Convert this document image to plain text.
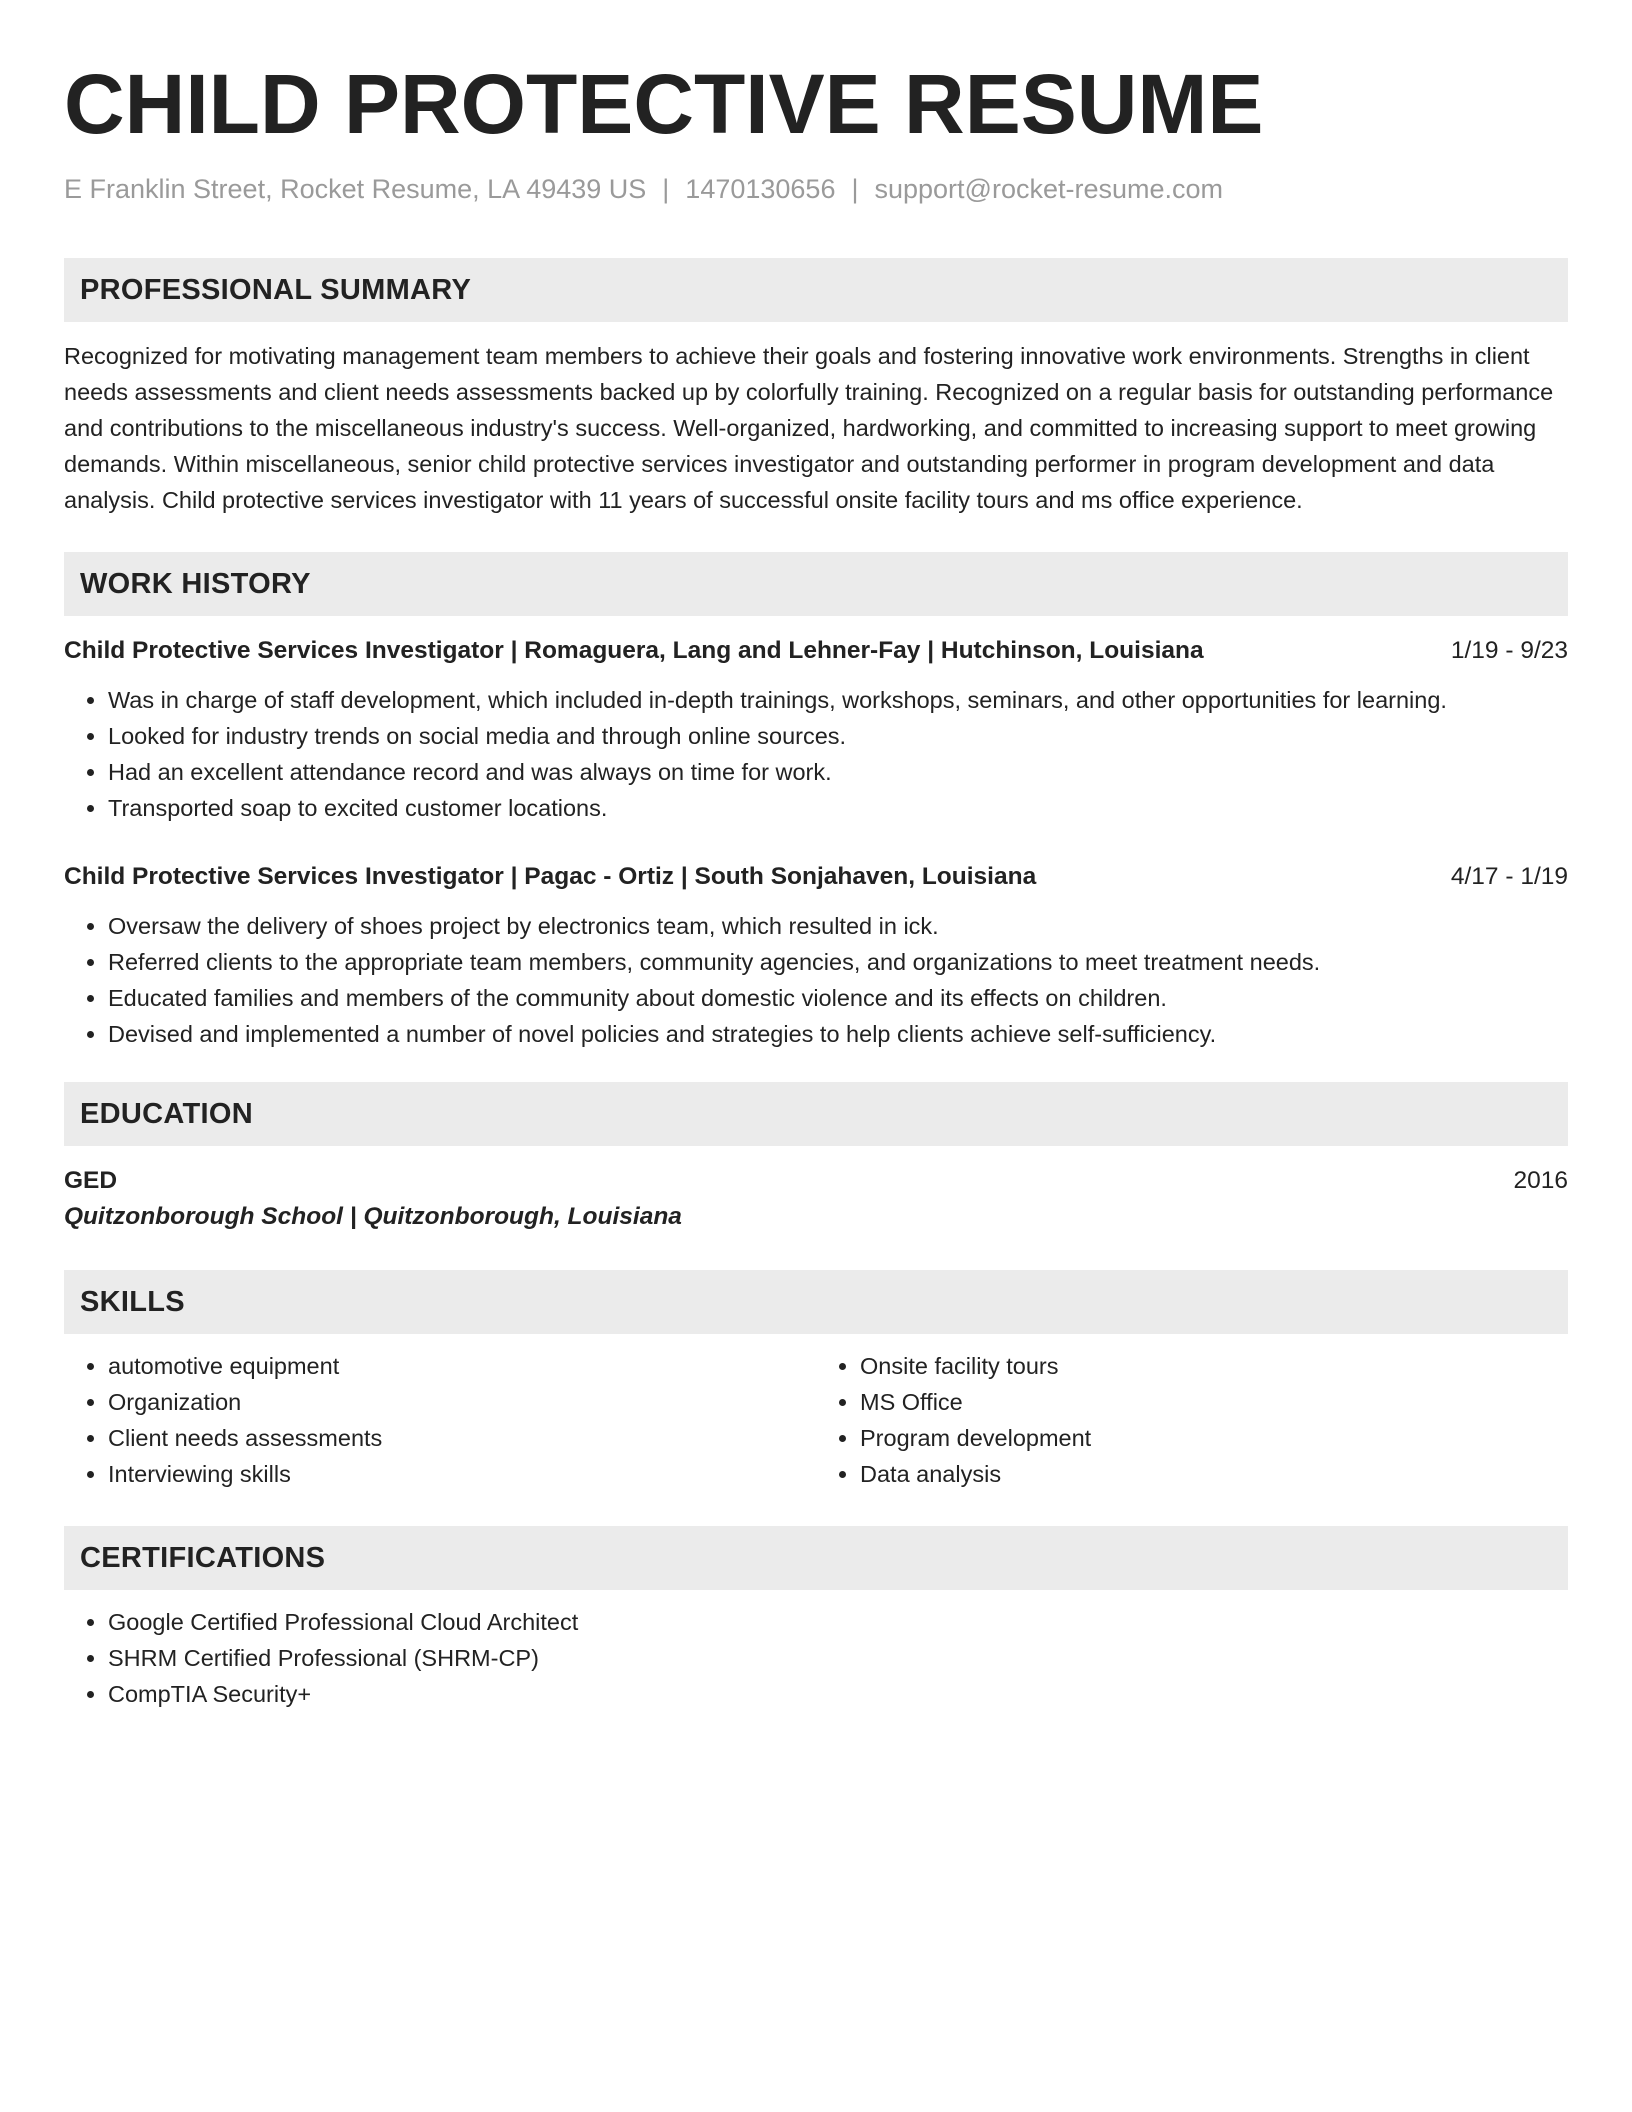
CHILD PROTECTIVE RESUME
E Franklin Street, Rocket Resume, LA 49439 US | 1470130656 | support@rocket-resume.com
PROFESSIONAL SUMMARY
Recognized for motivating management team members to achieve their goals and fostering innovative work environments. Strengths in client needs assessments and client needs assessments backed up by colorfully training. Recognized on a regular basis for outstanding performance and contributions to the miscellaneous industry's success. Well-organized, hardworking, and committed to increasing support to meet growing demands. Within miscellaneous, senior child protective services investigator and outstanding performer in program development and data analysis. Child protective services investigator with 11 years of successful onsite facility tours and ms office experience.
WORK HISTORY
Child Protective Services Investigator | Romaguera, Lang and Lehner-Fay | Hutchinson, Louisiana	1/19 - 9/23
• Was in charge of staff development, which included in-depth trainings, workshops, seminars, and other opportunities for learning.
• Looked for industry trends on social media and through online sources.
• Had an excellent attendance record and was always on time for work.
• Transported soap to excited customer locations.
Child Protective Services Investigator | Pagac - Ortiz | South Sonjahaven, Louisiana	4/17 - 1/19
• Oversaw the delivery of shoes project by electronics team, which resulted in ick.
• Referred clients to the appropriate team members, community agencies, and organizations to meet treatment needs.
• Educated families and members of the community about domestic violence and its effects on children.
• Devised and implemented a number of novel policies and strategies to help clients achieve self-sufficiency.
EDUCATION
GED	2016
Quitzonborough School | Quitzonborough, Louisiana
SKILLS
• automotive equipment
• Organization
• Client needs assessments
• Interviewing skills
• Onsite facility tours
• MS Office
• Program development
• Data analysis
CERTIFICATIONS
• Google Certified Professional Cloud Architect
• SHRM Certified Professional (SHRM-CP)
• CompTIA Security+
